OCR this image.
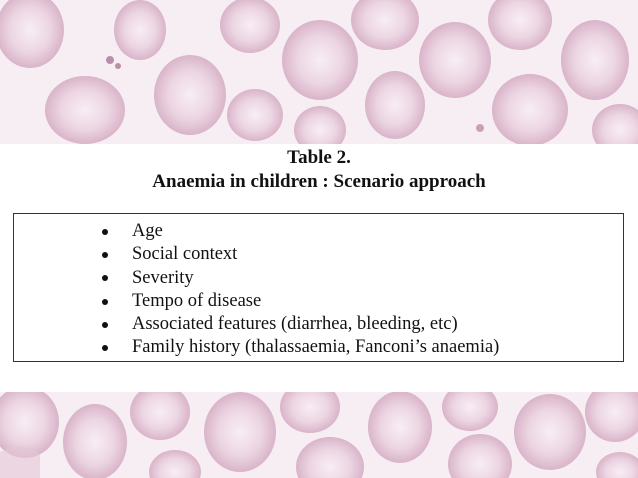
Table 2.

Anaemia in children : Scenario approach

Age
Social context
Severity
Tempo of disease
Associated features (diarrhea, bleeding, etc)
Family history (thalassaemia, Fanconi’s anaemia)
